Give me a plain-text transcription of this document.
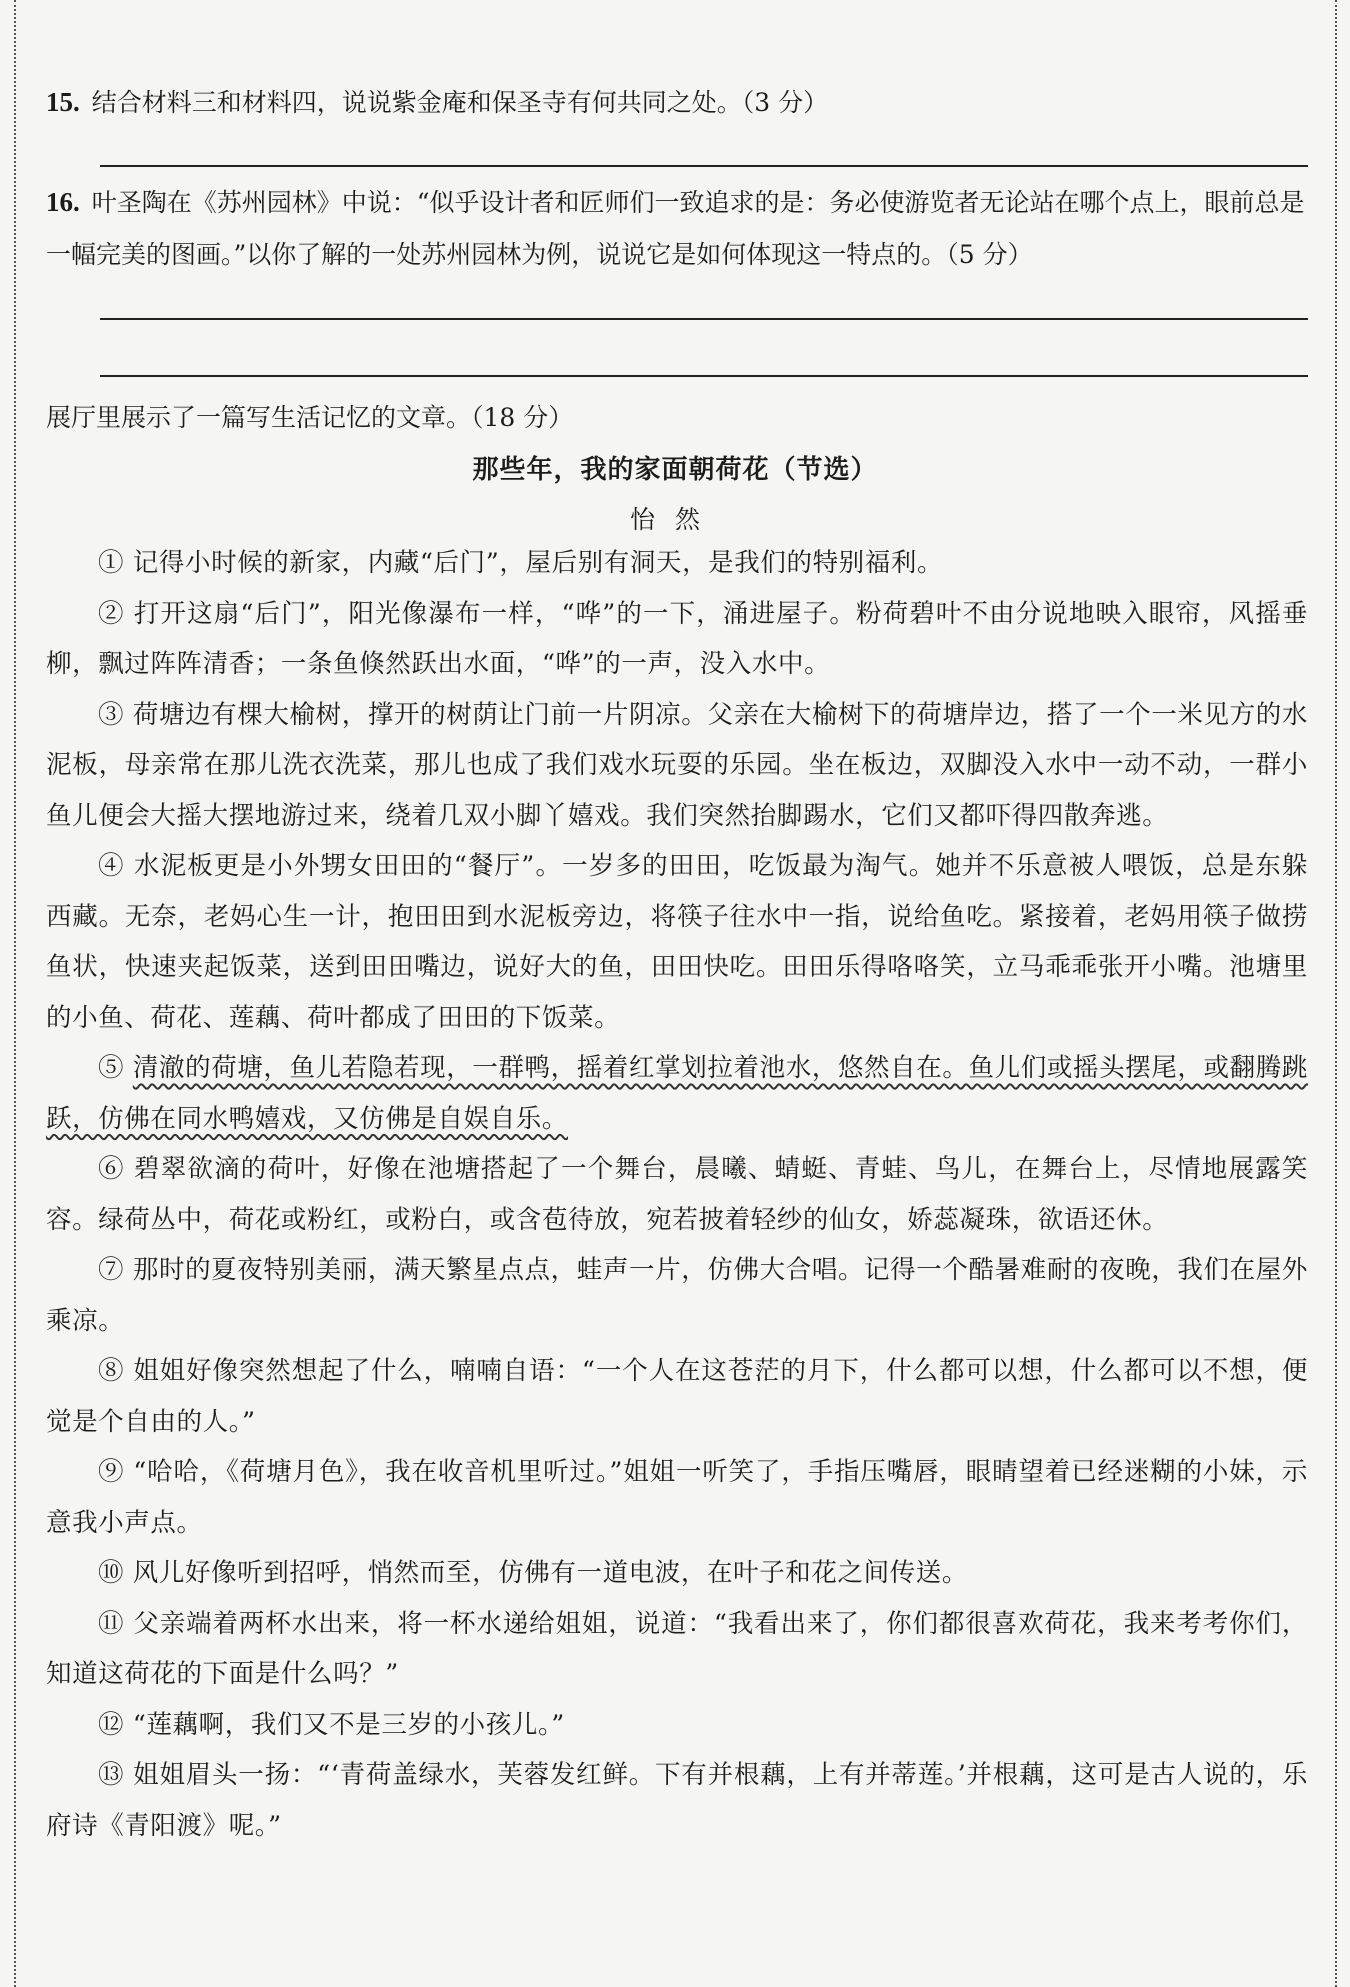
15. 结合材料三和材料四，说说紫金庵和保圣寺有何共同之处。（3 分）
16. 叶圣陶在《苏州园林》中说：“似乎设计者和匠师们一致追求的是：务必使游览者无论站在哪个点上，眼前总是一幅完美的图画。”以你了解的一处苏州园林为例，说说它是如何体现这一特点的。（5 分）
展厅里展示了一篇写生活记忆的文章。（18 分）
那些年，我的家面朝荷花（节选）
怡然

① 记得小时候的新家，内藏“后门”，屋后别有洞天，是我们的特别福利。

② 打开这扇“后门”，阳光像瀑布一样，“哗”的一下，涌进屋子。粉荷碧叶不由分说地映入眼帘，风摇垂柳，飘过阵阵清香；一条鱼倏然跃出水面，“哗”的一声，没入水中。

③ 荷塘边有棵大榆树，撑开的树荫让门前一片阴凉。父亲在大榆树下的荷塘岸边，搭了一个一米见方的水泥板，母亲常在那儿洗衣洗菜，那儿也成了我们戏水玩耍的乐园。坐在板边，双脚没入水中一动不动，一群小鱼儿便会大摇大摆地游过来，绕着几双小脚丫嬉戏。我们突然抬脚踢水，它们又都吓得四散奔逃。

④ 水泥板更是小外甥女田田的“餐厅”。一岁多的田田，吃饭最为淘气。她并不乐意被人喂饭，总是东躲西藏。无奈，老妈心生一计，抱田田到水泥板旁边，将筷子往水中一指，说给鱼吃。紧接着，老妈用筷子做捞鱼状，快速夹起饭菜，送到田田嘴边，说好大的鱼，田田快吃。田田乐得咯咯笑，立马乖乖张开小嘴。池塘里的小鱼、荷花、莲藕、荷叶都成了田田的下饭菜。

⑤ 清澈的荷塘，鱼儿若隐若现，一群鸭，摇着红掌划拉着池水，悠然自在。鱼儿们或摇头摆尾，或翻腾跳跃，仿佛在同水鸭嬉戏，又仿佛是自娱自乐。

⑥ 碧翠欲滴的荷叶，好像在池塘搭起了一个舞台，晨曦、蜻蜓、青蛙、鸟儿，在舞台上，尽情地展露笑容。绿荷丛中，荷花或粉红，或粉白，或含苞待放，宛若披着轻纱的仙女，娇蕊凝珠，欲语还休。

⑦ 那时的夏夜特别美丽，满天繁星点点，蛙声一片，仿佛大合唱。记得一个酷暑难耐的夜晚，我们在屋外乘凉。

⑧ 姐姐好像突然想起了什么，喃喃自语：“一个人在这苍茫的月下，什么都可以想，什么都可以不想，便觉是个自由的人。”

⑨ “哈哈，《荷塘月色》，我在收音机里听过。”姐姐一听笑了，手指压嘴唇，眼睛望着已经迷糊的小妹，示意我小声点。

⑩ 风儿好像听到招呼，悄然而至，仿佛有一道电波，在叶子和花之间传送。

⑪ 父亲端着两杯水出来，将一杯水递给姐姐，说道：“我看出来了，你们都很喜欢荷花，我来考考你们，知道这荷花的下面是什么吗？”

⑫ “莲藕啊，我们又不是三岁的小孩儿。”

⑬ 姐姐眉头一扬：“‘青荷盖绿水，芙蓉发红鲜。下有并根藕，上有并蒂莲。’并根藕，这可是古人说的，乐府诗《青阳渡》呢。”
